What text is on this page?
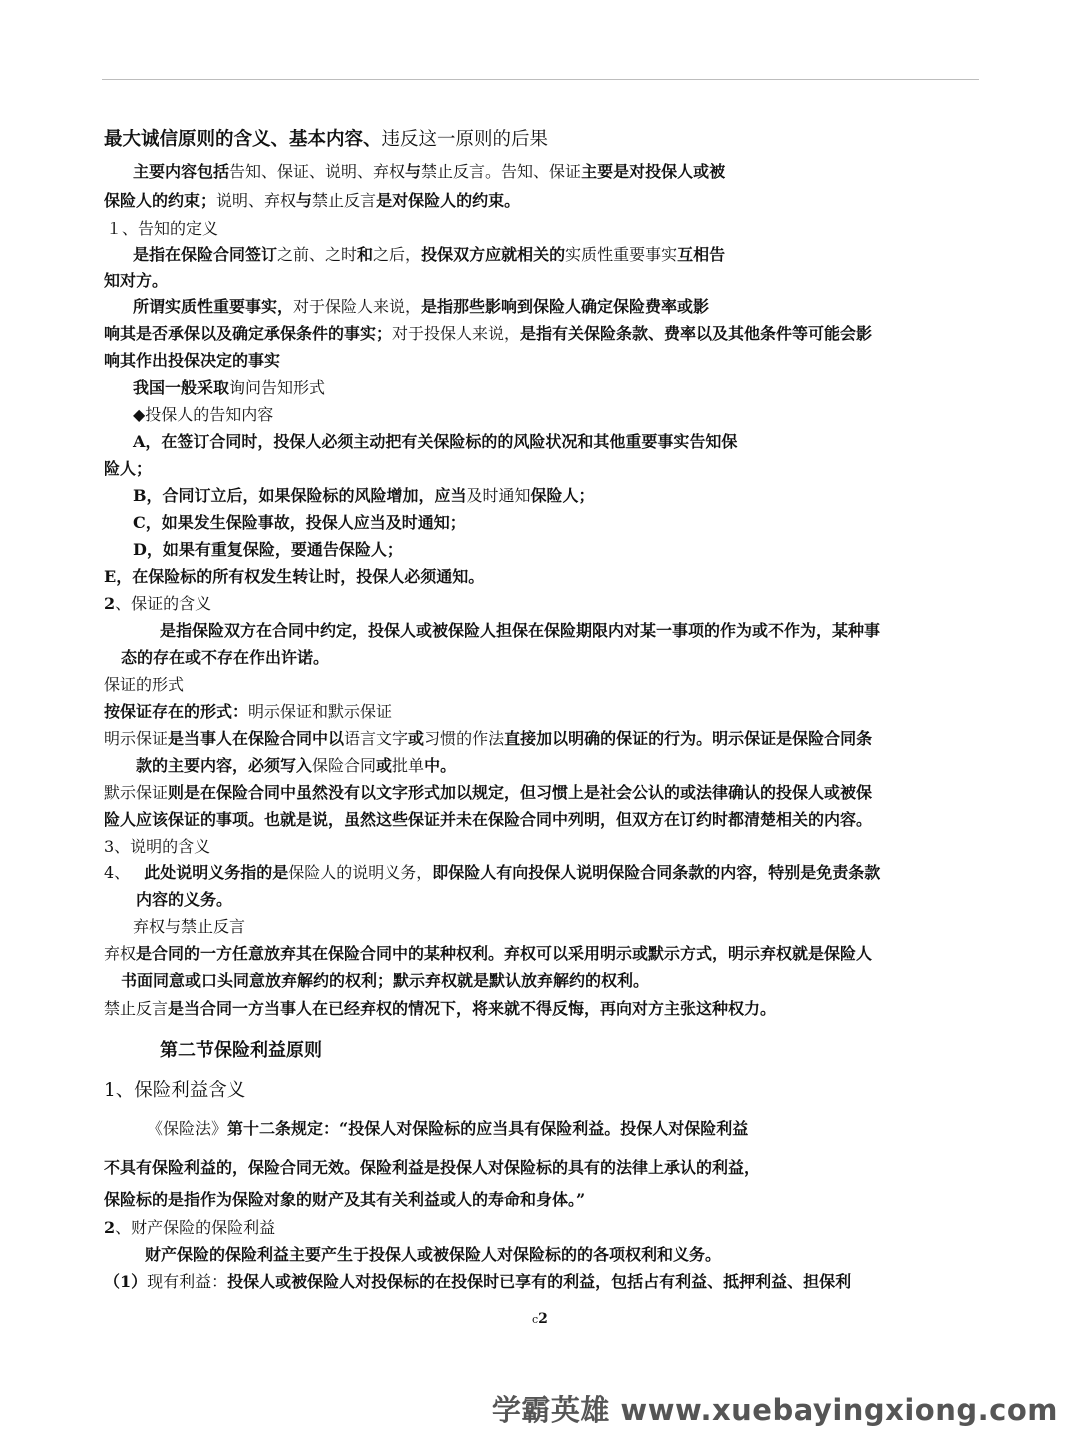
最大诚信原则的含义、基本内容、违反这一原则的后果
主要内容包括告知、保证、说明、弃权与禁止反言。告知、保证主要是对投保人或被
保险人的约束；说明、弃权与禁止反言是对保险人的约束。
１、告知的定义
是指在保险合同签订之前、之时和之后，投保双方应就相关的实质性重要事实互相告
知对方。
所谓实质性重要事实，对于保险人来说，是指那些影响到保险人确定保险费率或影
响其是否承保以及确定承保条件的事实；对于投保人来说，是指有关保险条款、费率以及其他条件等可能会影
响其作出投保决定的事实
我国一般采取询问告知形式
◆投保人的告知内容
A，在签订合同时，投保人必须主动把有关保险标的的风险状况和其他重要事实告知保
险人；
B，合同订立后，如果保险标的风险增加，应当及时通知保险人；
C，如果发生保险事故，投保人应当及时通知；
D，如果有重复保险，要通告保险人；
E，在保险标的所有权发生转让时，投保人必须通知。
2、保证的含义
是指保险双方在合同中约定，投保人或被保险人担保在保险期限内对某一事项的作为或不作为，某种事
态的存在或不存在作出许诺。
保证的形式
按保证存在的形式：明示保证和默示保证
明示保证是当事人在保险合同中以语言文字或习惯的作法直接加以明确的保证的行为。明示保证是保险合同条
款的主要内容，必须写入保险合同或批单中。
默示保证则是在保险合同中虽然没有以文字形式加以规定，但习惯上是社会公认的或法律确认的投保人或被保
险人应该保证的事项。也就是说，虽然这些保证并未在保险合同中列明，但双方在订约时都清楚相关的内容。
3、说明的含义
4、 此处说明义务指的是保险人的说明义务，即保险人有向投保人说明保险合同条款的内容，特别是免责条款
内容的义务。
弃权与禁止反言
弃权是合同的一方任意放弃其在保险合同中的某种权利。弃权可以采用明示或默示方式，明示弃权就是保险人
书面同意或口头同意放弃解约的权利；默示弃权就是默认放弃解约的权利。
禁止反言是当合同一方当事人在已经弃权的情况下，将来就不得反悔，再向对方主张这种权力。
第二节保险利益原则
1、保险利益含义
《保险法》第十二条规定：“投保人对保险标的应当具有保险利益。投保人对保险利益
不具有保险利益的，保险合同无效。保险利益是投保人对保险标的具有的法律上承认的利益，
保险标的是指作为保险对象的财产及其有关利益或人的寿命和身体。”
2、财产保险的保险利益
财产保险的保险利益主要产生于投保人或被保险人对保险标的的各项权利和义务。
（1）现有利益：投保人或被保险人对投保标的在投保时已享有的利益，包括占有利益、抵押利益、担保利
c2
学霸英雄 www.xuebayingxiong.com
